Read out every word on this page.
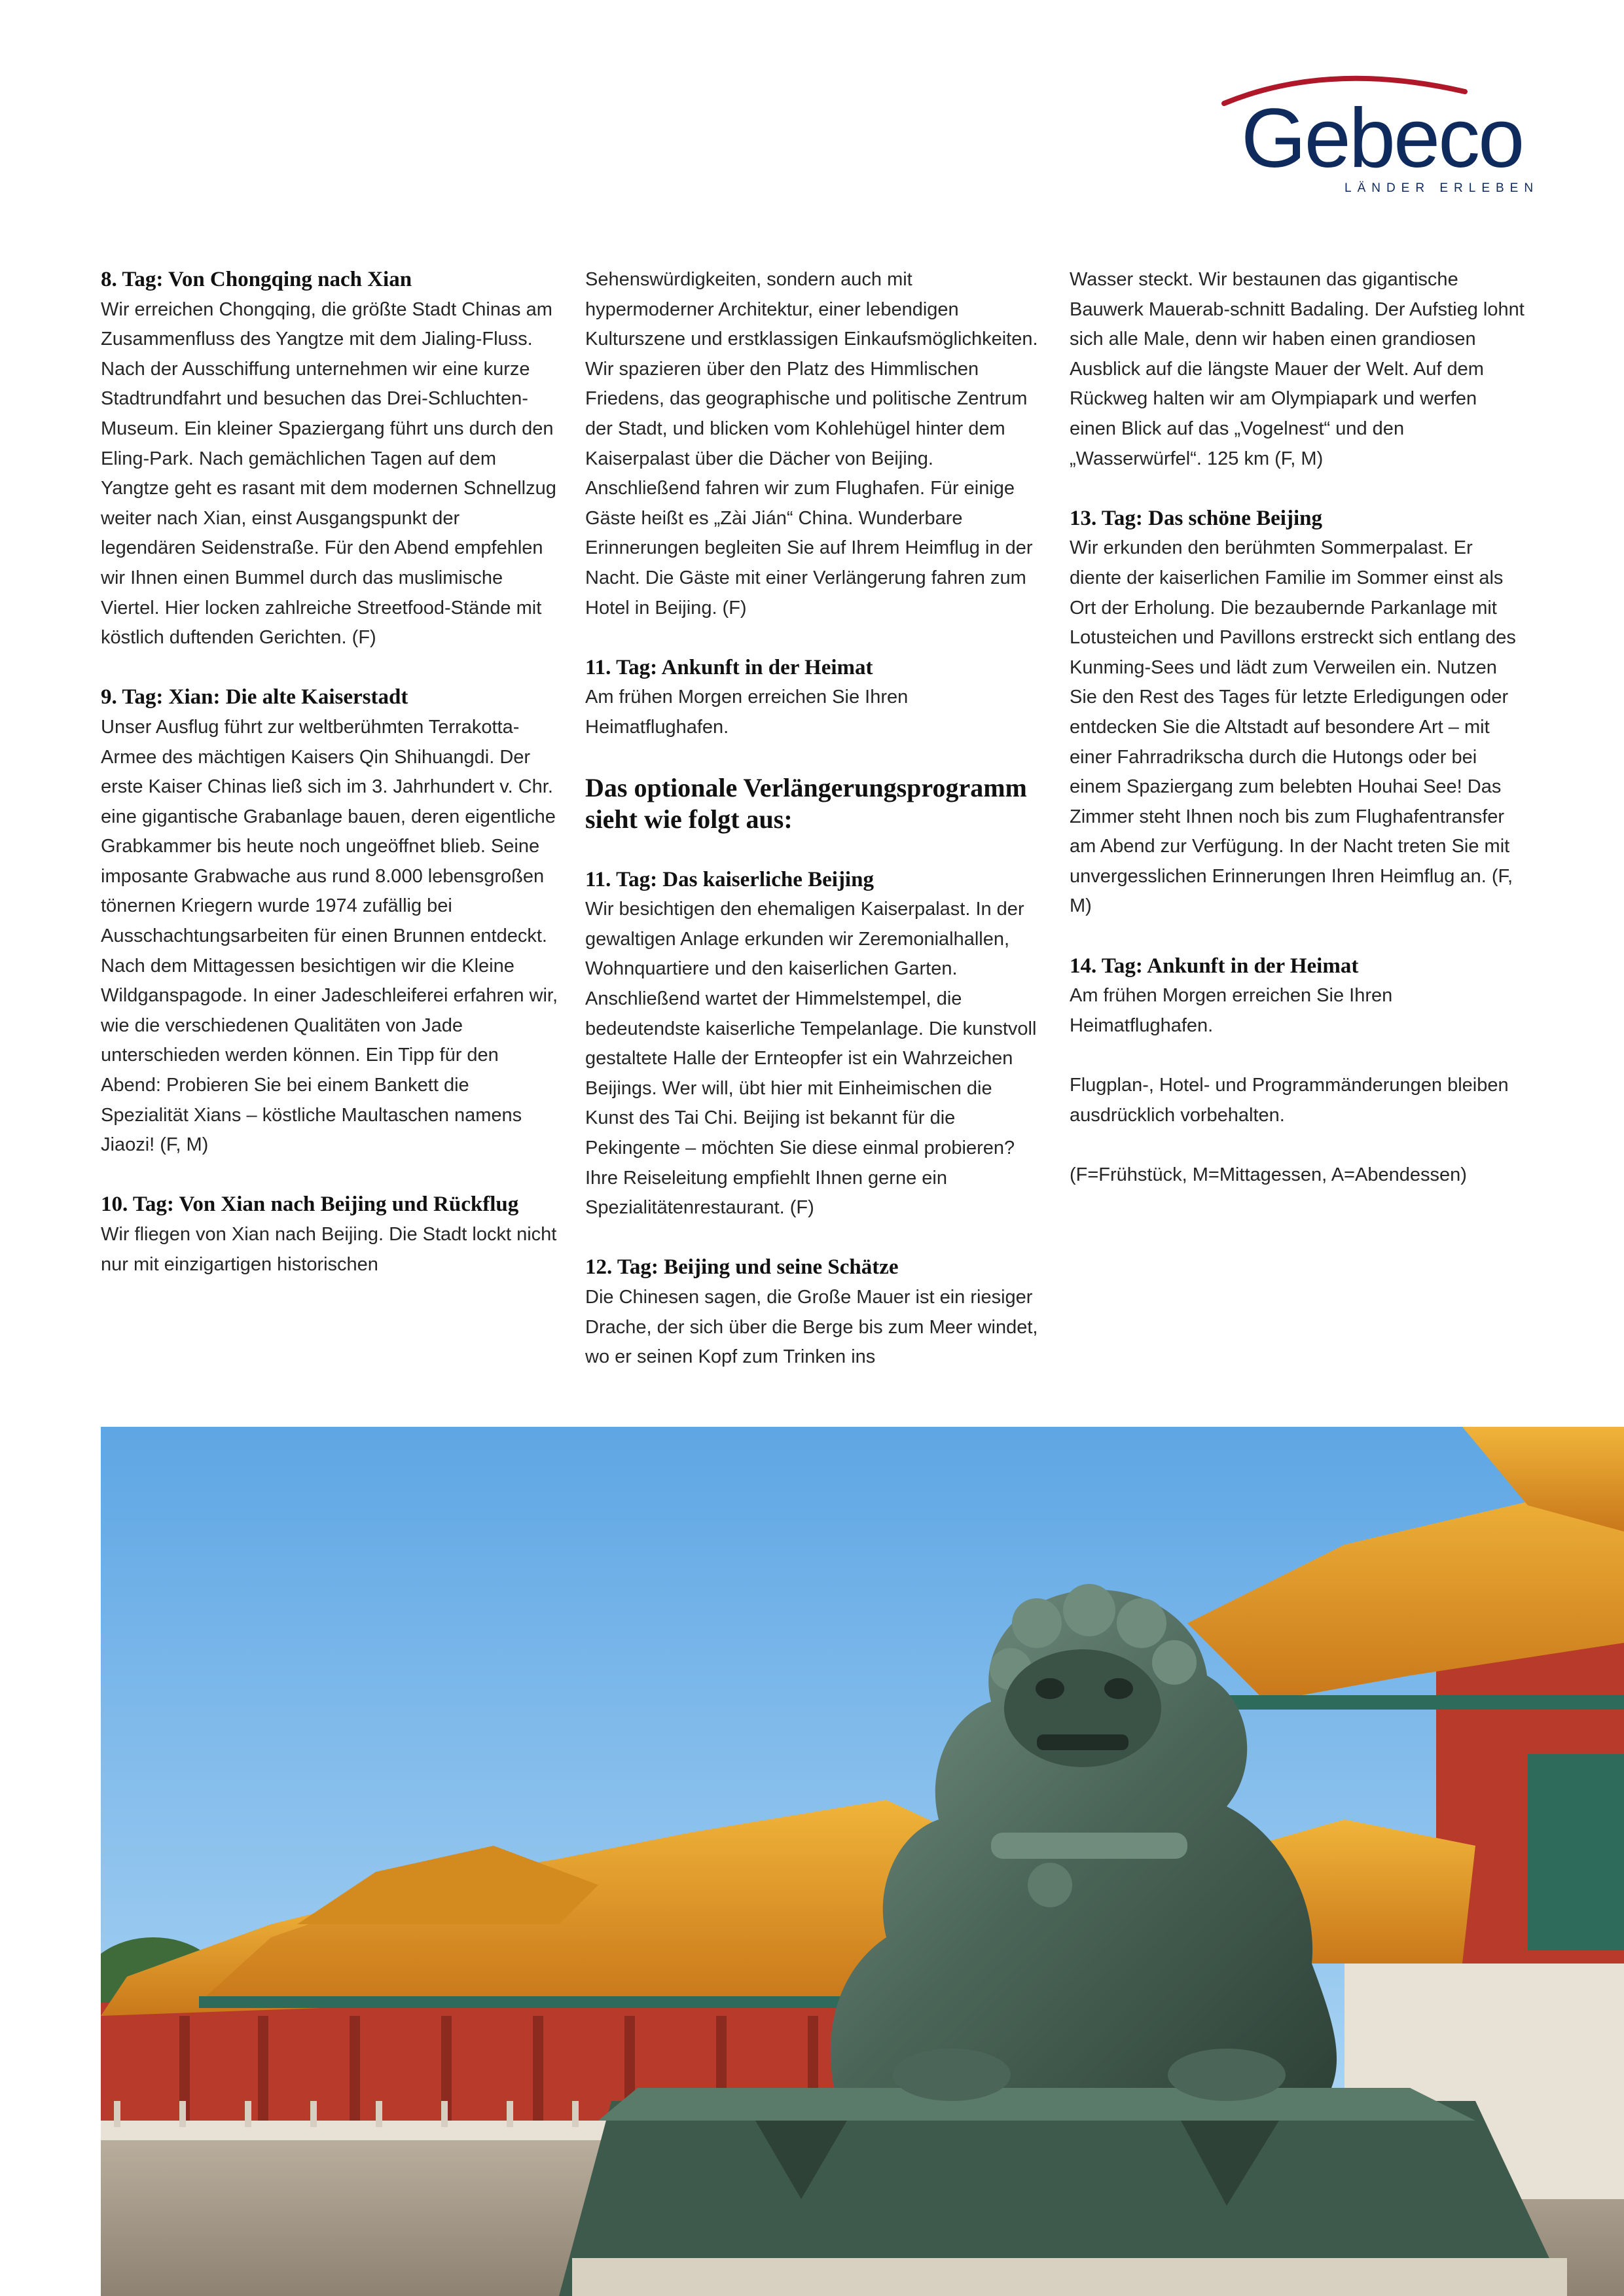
Gebeco
LÄNDER ERLEBEN

8. Tag: Von Chongqing nach Xian

Wir erreichen Chongqing, die größte Stadt Chinas am Zusammenfluss des Yangtze mit dem Jialing-Fluss. Nach der Ausschiffung unternehmen wir eine kurze Stadtrundfahrt und besuchen das Drei-Schluchten-Museum. Ein kleiner Spaziergang führt uns durch den Eling-Park. Nach gemächlichen Tagen auf dem Yangtze geht es rasant mit dem modernen Schnellzug weiter nach Xian, einst Ausgangspunkt der legendären Seidenstraße. Für den Abend empfehlen wir Ihnen einen Bummel durch das muslimische Viertel. Hier locken zahlreiche Streetfood-Stände mit köstlich duftenden Gerichten. (F)

9. Tag: Xian: Die alte Kaiserstadt

Unser Ausflug führt zur weltberühmten Terrakotta-Armee des mächtigen Kaisers Qin Shihuangdi. Der erste Kaiser Chinas ließ sich im 3. Jahrhundert v. Chr. eine gigantische Grabanlage bauen, deren eigentliche Grabkammer bis heute noch ungeöffnet blieb. Seine imposante Grabwache aus rund 8.000 lebensgroßen tönernen Kriegern wurde 1974 zufällig bei Ausschachtungsarbeiten für einen Brunnen entdeckt. Nach dem Mittagessen besichtigen wir die Kleine Wildganspagode. In einer Jadeschleiferei erfahren wir, wie die verschiedenen Qualitäten von Jade unterschieden werden können. Ein Tipp für den Abend: Probieren Sie bei einem Bankett die Spezialität Xians – köstliche Maultaschen namens Jiaozi! (F, M)

10. Tag: Von Xian nach Beijing und Rückflug

Wir fliegen von Xian nach Beijing. Die Stadt lockt nicht nur mit einzigartigen historischen

Sehenswürdigkeiten, sondern auch mit hypermoderner Architektur, einer lebendigen Kulturszene und erstklassigen Einkaufsmöglichkeiten. Wir spazieren über den Platz des Himmlischen Friedens, das geographische und politische Zentrum der Stadt, und blicken vom Kohlehügel hinter dem Kaiserpalast über die Dächer von Beijing. Anschließend fahren wir zum Flughafen. Für einige Gäste heißt es „Zài Jián“ China. Wunderbare Erinnerungen begleiten Sie auf Ihrem Heimflug in der Nacht. Die Gäste mit einer Verlängerung fahren zum Hotel in Beijing. (F)

11. Tag: Ankunft in der Heimat

Am frühen Morgen erreichen Sie Ihren Heimatflughafen.

Das optionale Verlängerungsprogramm sieht wie folgt aus:

11. Tag: Das kaiserliche Beijing

Wir besichtigen den ehemaligen Kaiserpalast. In der gewaltigen Anlage erkunden wir Zeremonialhallen, Wohnquartiere und den kaiserlichen Garten. Anschließend wartet der Himmelstempel, die bedeutendste kaiserliche Tempelanlage. Die kunstvoll gestaltete Halle der Ernteopfer ist ein Wahrzeichen Beijings. Wer will, übt hier mit Einheimischen die Kunst des Tai Chi. Beijing ist bekannt für die Pekingente – möchten Sie diese einmal probieren? Ihre Reiseleitung empfiehlt Ihnen gerne ein Spezialitätenrestaurant. (F)

12. Tag: Beijing und seine Schätze

Die Chinesen sagen, die Große Mauer ist ein riesiger Drache, der sich über die Berge bis zum Meer windet, wo er seinen Kopf zum Trinken ins

Wasser steckt. Wir bestaunen das gigantische Bauwerk Mauerab-schnitt Badaling. Der Aufstieg lohnt sich alle Male, denn wir haben einen grandiosen Ausblick auf die längste Mauer der Welt. Auf dem Rückweg halten wir am Olympiapark und werfen einen Blick auf das „Vogelnest“ und den „Wasserwürfel“. 125 km (F, M)

13. Tag: Das schöne Beijing

Wir erkunden den berühmten Sommerpalast. Er diente der kaiserlichen Familie im Sommer einst als Ort der Erholung. Die bezaubernde Parkanlage mit Lotusteichen und Pavillons erstreckt sich entlang des Kunming-Sees und lädt zum Verweilen ein. Nutzen Sie den Rest des Tages für letzte Erledigungen oder entdecken Sie die Altstadt auf besondere Art – mit einer Fahrradrikscha durch die Hutongs oder bei einem Spaziergang zum belebten Houhai See! Das Zimmer steht Ihnen noch bis zum Flughafentransfer am Abend zur Verfügung. In der Nacht treten Sie mit unvergesslichen Erinnerungen Ihren Heimflug an. (F, M)

14. Tag: Ankunft in der Heimat

Am frühen Morgen erreichen Sie Ihren Heimatflughafen.

Flugplan-, Hotel- und Programmänderungen bleiben ausdrücklich vorbehalten.

(F=Frühstück, M=Mittagessen, A=Abendessen)
